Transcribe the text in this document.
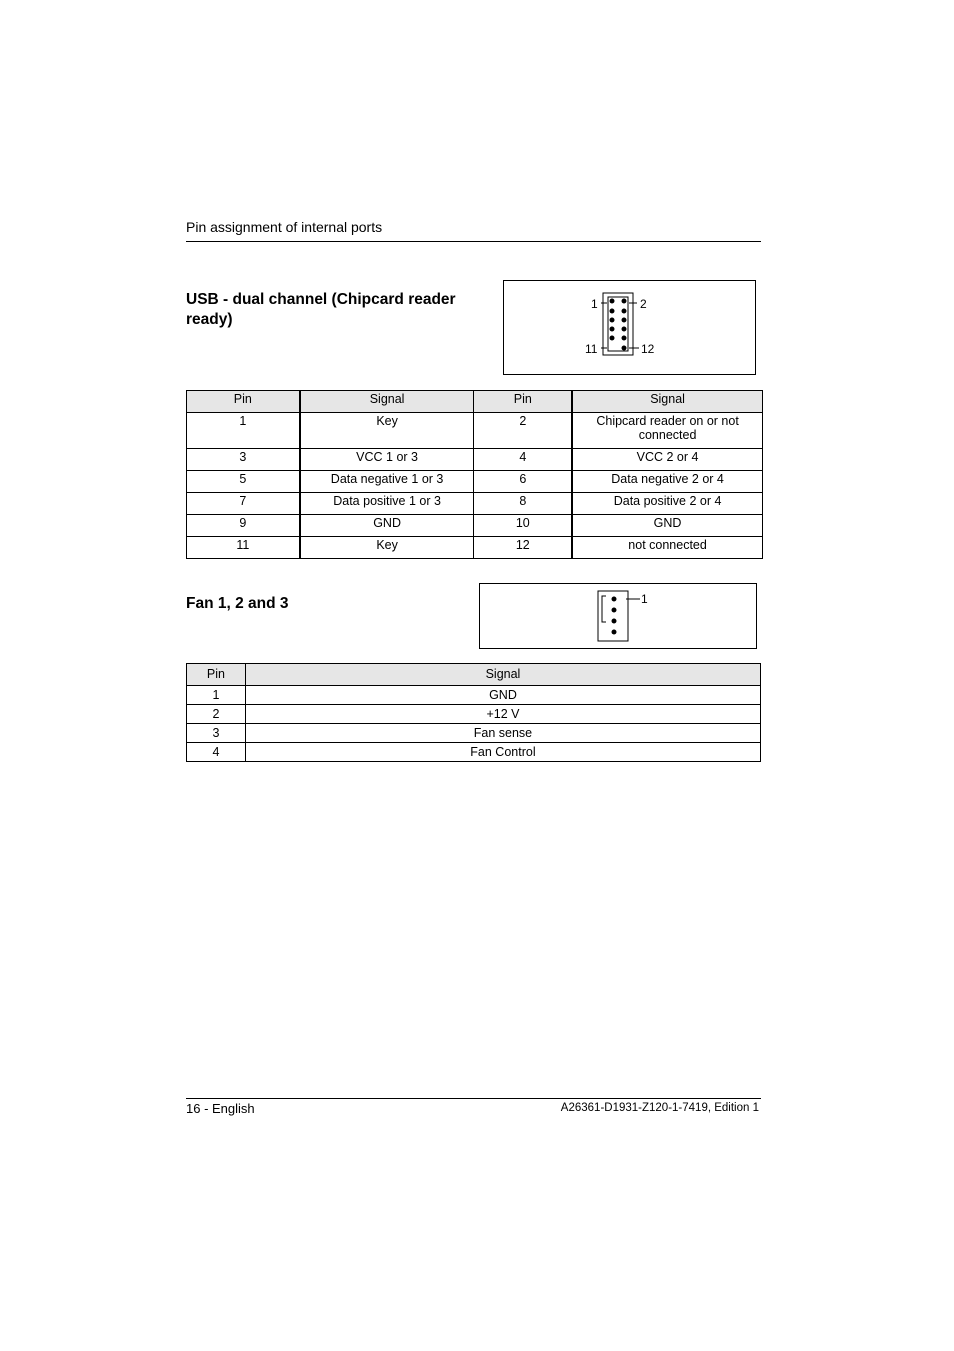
Pin assignment of internal ports
USB - dual channel (Chipcard reader ready)
1	2
11	12
Pin	Signal	Pin	Signal
1	Key	2	Chipcard reader on or not connected
3	VCC 1 or 3	4	VCC 2 or 4
5	Data negative 1 or 3	6	Data negative 2 or 4
7	Data positive 1 or 3	8	Data positive 2 or 4
9	GND	10	GND
11	Key	12	not connected
Fan 1, 2 and 3	1
Pin	Signal
1	GND
2	+12 V
3	Fan sense
4	Fan Control
16 - English	A26361-D1931-Z120-1-7419, Edition 1
